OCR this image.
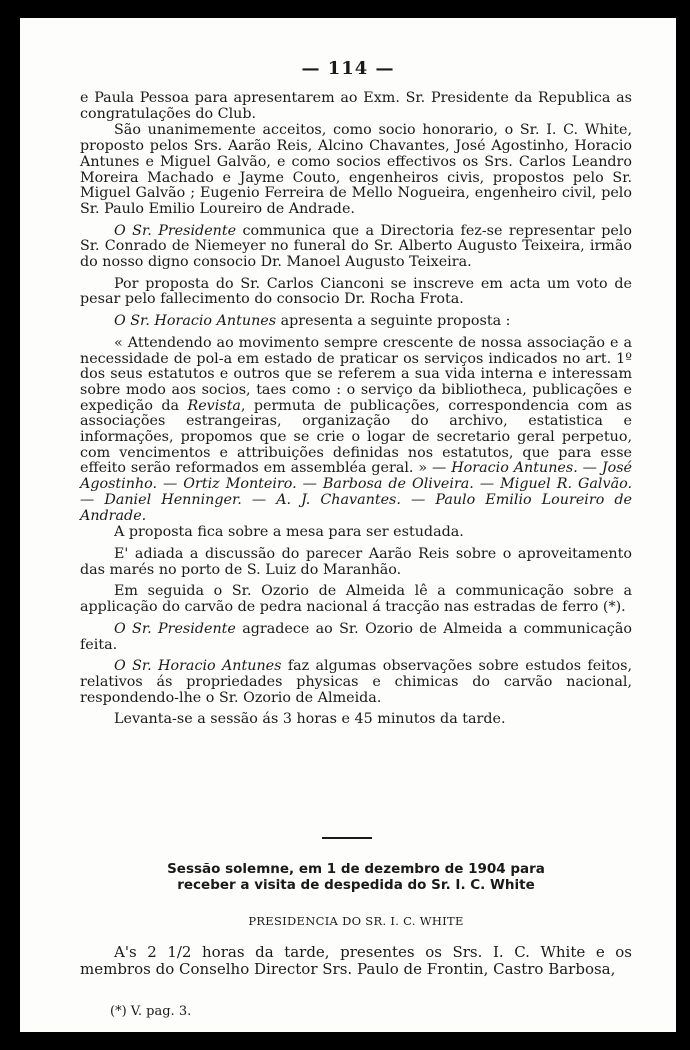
— 114 —

e Paula Pessoa para apresentarem ao Exm. Sr. Presidente da Republica as congratulações do Club.

São unanimemente acceitos, como socio honorario, o Sr. I. C. White, proposto pelos Srs. Aarão Reis, Alcino Chavantes, José Agostinho, Horacio Antunes e Miguel Galvão, e como socios effectivos os Srs. Carlos Leandro Moreira Machado e Jayme Couto, engenheiros civis, propostos pelo Sr. Miguel Galvão ; Eugenio Ferreira de Mello Nogueira, engenheiro civil, pelo Sr. Paulo Emilio Loureiro de Andrade.

O Sr. Presidente communica que a Directoria fez-se representar pelo Sr. Conrado de Niemeyer no funeral do Sr. Alberto Augusto Teixeira, irmão do nosso digno consocio Dr. Manoel Augusto Teixeira.

Por proposta do Sr. Carlos Cianconi se inscreve em acta um voto de pesar pelo fallecimento do consocio Dr. Rocha Frota.

O Sr. Horacio Antunes apresenta a seguinte proposta :

« Attendendo ao movimento sempre crescente de nossa associação e a necessidade de pol-a em estado de praticar os serviços indicados no art. 1º dos seus estatutos e outros que se referem a sua vida interna e interessam sobre modo aos socios, taes como : o serviço da bibliotheca, publicações e expedição da Revista, permuta de publicações, correspondencia com as associações estrangeiras, organização do archivo, estatistica e informações, propomos que se crie o logar de secretario geral perpetuo, com vencimentos e attribuições definidas nos estatutos, que para esse effeito serão reformados em assembléa geral. » — Horacio Antunes. — José Agostinho. — Ortiz Monteiro. — Barbosa de Oliveira. — Miguel R. Galvão. — Daniel Henninger. — A. J. Chavantes. — Paulo Emilio Loureiro de Andrade.

A proposta fica sobre a mesa para ser estudada.

E' adiada a discussão do parecer Aarão Reis sobre o aproveitamento das marés no porto de S. Luiz do Maranhão.

Em seguida o Sr. Ozorio de Almeida lê a communicação sobre a applicação do carvão de pedra nacional á tracção nas estradas de ferro (*).

O Sr. Presidente agradece ao Sr. Ozorio de Almeida a communicação feita.

O Sr. Horacio Antunes faz algumas observações sobre estudos feitos, relativos ás propriedades physicas e chimicas do carvão nacional, respondendo-lhe o Sr. Ozorio de Almeida.

Levanta-se a sessão ás 3 horas e 45 minutos da tarde.

Sessão solemne, em 1 de dezembro de 1904 para
receber a visita de despedida do Sr. I. C. White
PRESIDENCIA DO SR. I. C. WHITE

A's 2 1/2 horas da tarde, presentes os Srs. I. C. White e os membros do Conselho Director Srs. Paulo de Frontin, Castro Barbosa,

(*) V. pag. 3.
